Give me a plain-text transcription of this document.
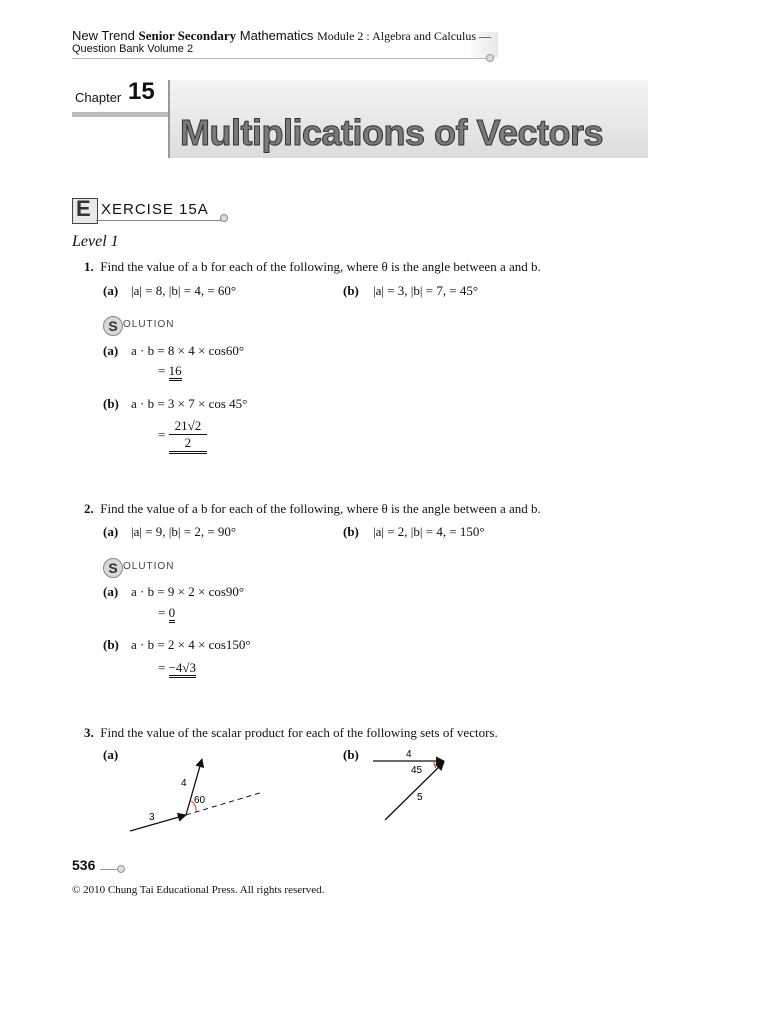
New Trend Senior Secondary Mathematics Module 2 : Algebra and Calculus —
Question Bank Volume 2
Chapter 15
Multiplications of Vectors
E XERCISE 15A
Level 1
1. Find the value of a b for each of the following, where θ is the angle between a and b.
(a) |a| = 8, |b| = 4, = 60°	(b) |a| = 3, |b| = 7, = 45°
S OLUTION
(a) a · b = 8 × 4 × cos60°
= 16
(b) a · b = 3 × 7 × cos 45°
= $\frac{21√2}{2}$
2. Find the value of a b for each of the following, where θ is the angle between a and b.
(a) |a| = 9, |b| = 2, = 90°	(b) |a| = 2, |b| = 4, = 150°
S OLUTION
(a) a · b = 9 × 2 × cos90°
= 0
(b) a · b = 2 × 4 × cos150°
= −4√3
3. Find the value of the scalar product for each of the following sets of vectors.
(a)	(b)
4
60
3
4
45
5
536
© 2010 Chung Tai Educational Press. All rights reserved.
